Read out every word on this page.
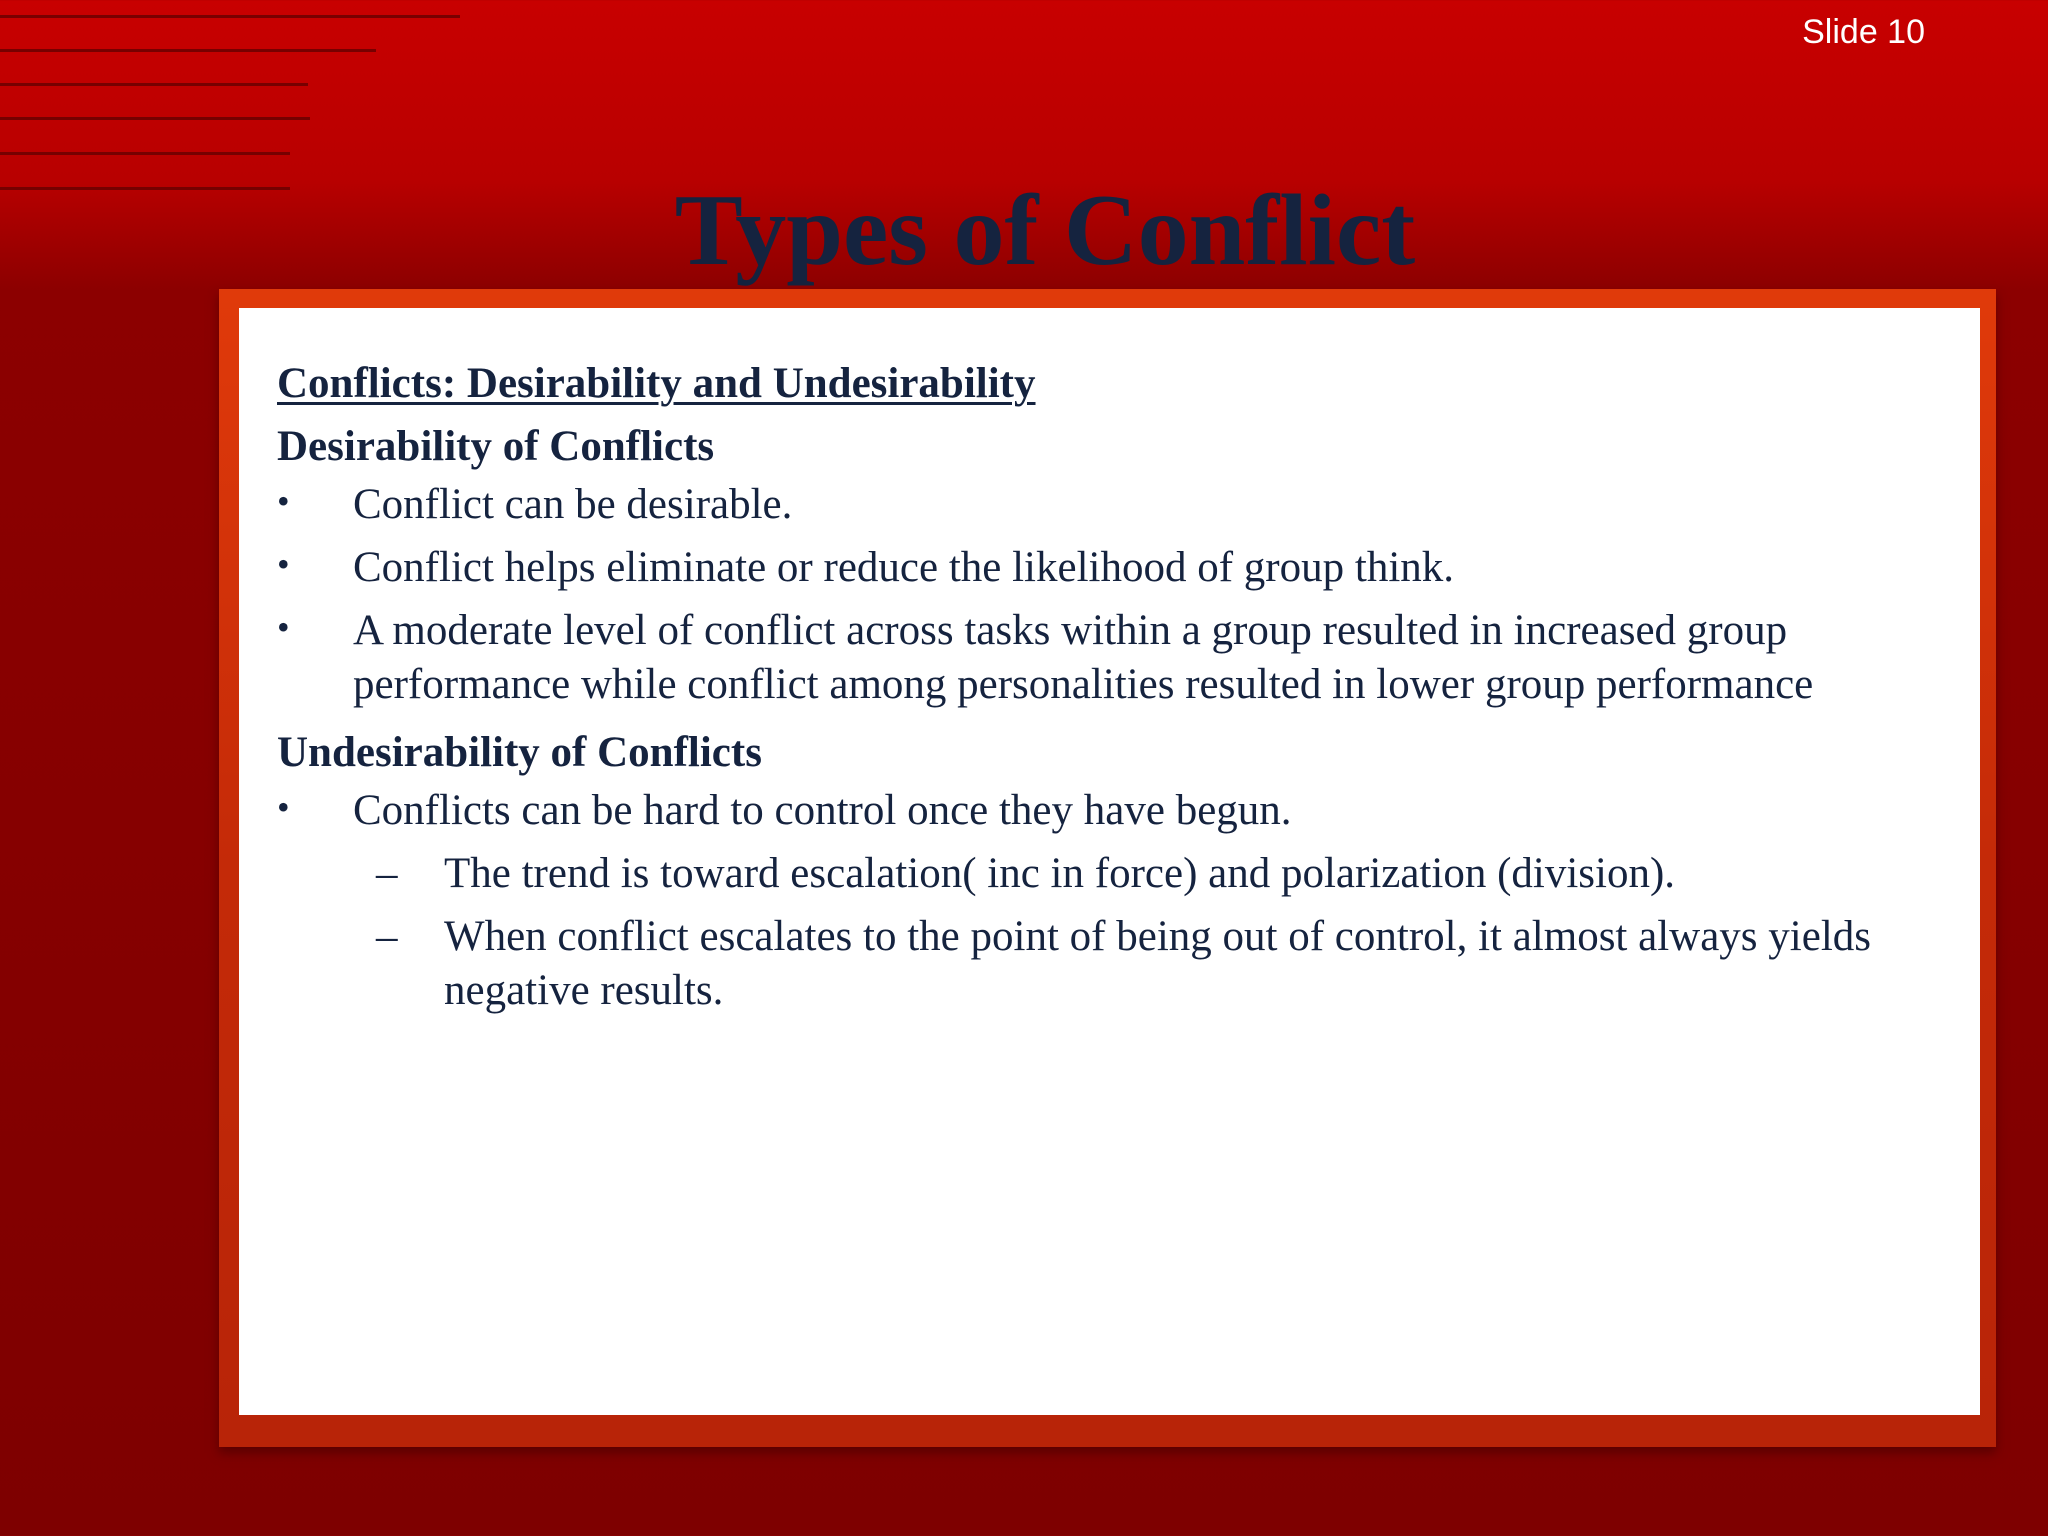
Slide 10
Types of Conflict
Conflicts: Desirability and Undesirability
Desirability of Conflicts
• Conflict can be desirable.
• Conflict helps eliminate or reduce the likelihood of group think.
• A moderate level of conflict across tasks within a group resulted in increased group performance while conflict among personalities resulted in lower group performance
Undesirability of Conflicts
• Conflicts can be hard to control once they have begun.
– The trend is toward escalation( inc in force) and polarization (division).
– When conflict escalates to the point of being out of control, it almost always yields negative results.
